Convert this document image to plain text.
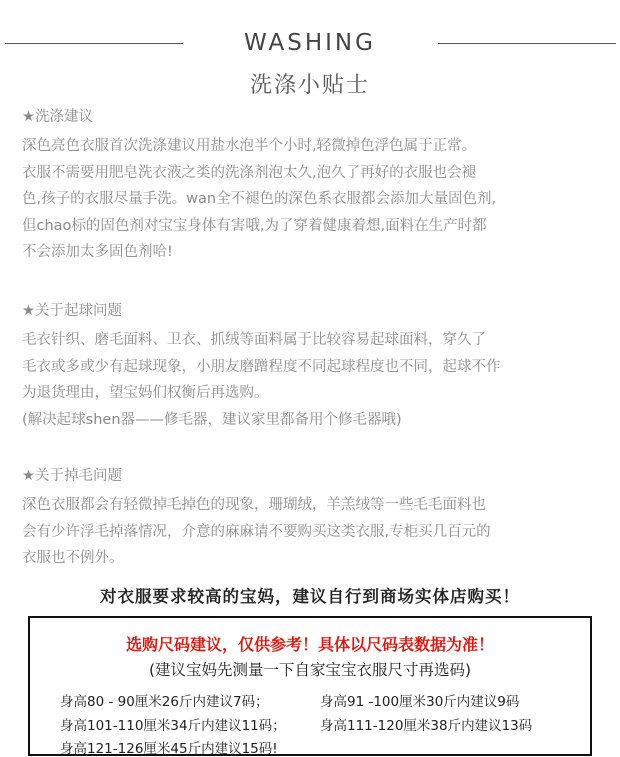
WASHING
洗涤小贴士
★洗涤建议
深色亮色衣服首次洗涤建议用盐水泡半个小时,轻微掉色浮色属于正常。
衣服不需要用肥皂洗衣液之类的洗涤剂泡太久,泡久了再好的衣服也会褪
色,孩子的衣服尽量手洗。wan全不褪色的深色系衣服都会添加大量固色剂,
但chao标的固色剂对宝宝身体有害哦,为了穿着健康着想,面料在生产时都
不会添加太多固色剂哈!
★关于起球问题
毛衣针织、磨毛面料、卫衣、抓绒等面料属于比较容易起球面料，穿久了
毛衣或多或少有起球现象，小朋友磨蹭程度不同起球程度也不同，起球不作
为退货理由，望宝妈们权衡后再选购。
(解决起球shen器——修毛器，建议家里都备用个修毛器哦)
★关于掉毛问题
深色衣服都会有轻微掉毛掉色的现象，珊瑚绒，羊羔绒等一些毛毛面料也
会有少许浮毛掉落情况，介意的麻麻请不要购买这类衣服,专柜买几百元的
衣服也不例外。
对衣服要求较高的宝妈，建议自行到商场实体店购买！
选购尺码建议，仅供参考！具体以尺码表数据为准！
(建议宝妈先测量一下自家宝宝衣服尺寸再选码)
身高80 - 90厘米26斤内建议7码；	身高91 -100厘米30斤内建议9码
身高101-110厘米34斤内建议11码；	身高111-120厘米38斤内建议13码
身高121-126厘米45斤内建议15码!
